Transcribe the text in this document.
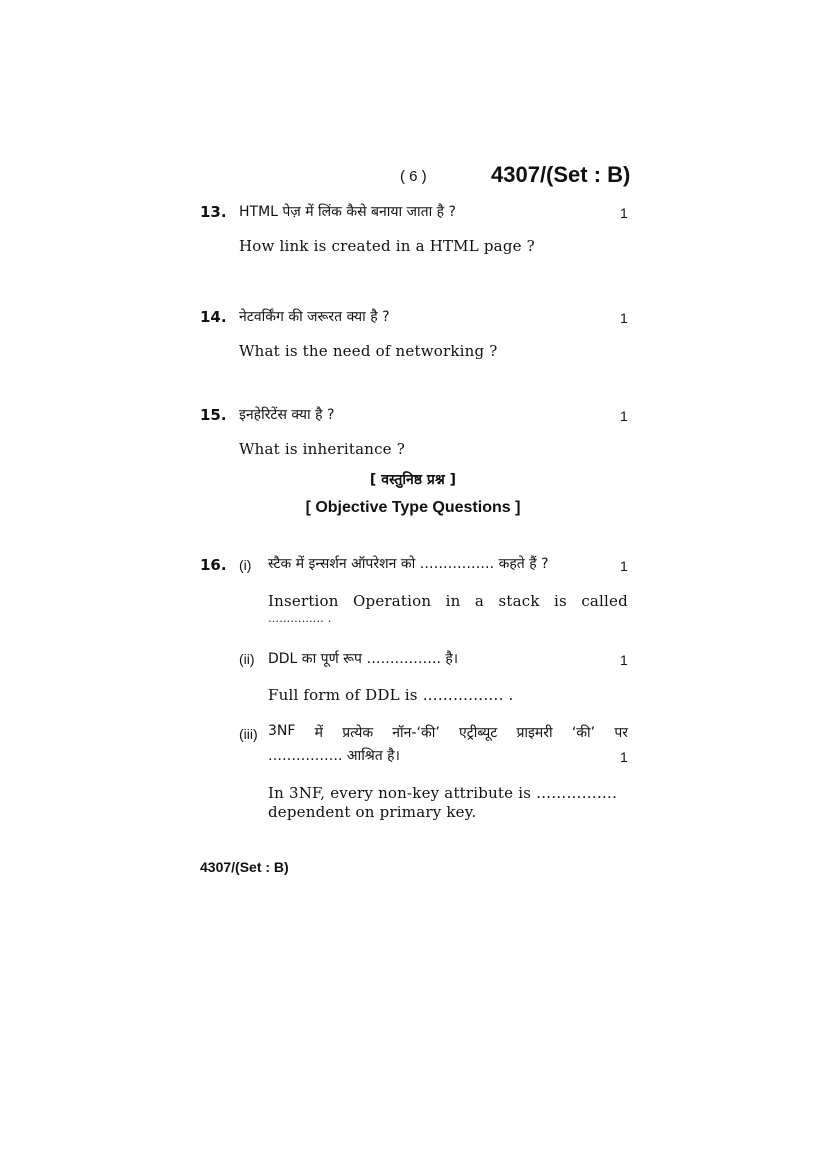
( 6 )	4307/(Set : B)
13. HTML पेज़ में लिंक कैसे बनाया जाता है ?	1
How link is created in a HTML page ?
14. नेटवर्किंग की जरूरत क्या है ?	1
What is the need of networking ?
15. इनहेरिटेंस क्या है ?	1
What is inheritance ?
[ वस्तुनिष्ठ प्रश्न ]
[ Objective Type Questions ]
16. (i) स्टैक में इन्सर्शन ऑपरेशन को ……………. कहते हैं ?	1
Insertion Operation in a stack is called
…………… .
(ii) DDL का पूर्ण रूप ……………. है।	1
Full form of DDL is ……………. .
(iii) 3NF में प्रत्येक नॉन-‘की’ एट्रीब्यूट प्राइमरी ‘की’ पर
……………. आश्रित है।	1
In 3NF, every non-key attribute is …………….
dependent on primary key.
4307/(Set : B)
